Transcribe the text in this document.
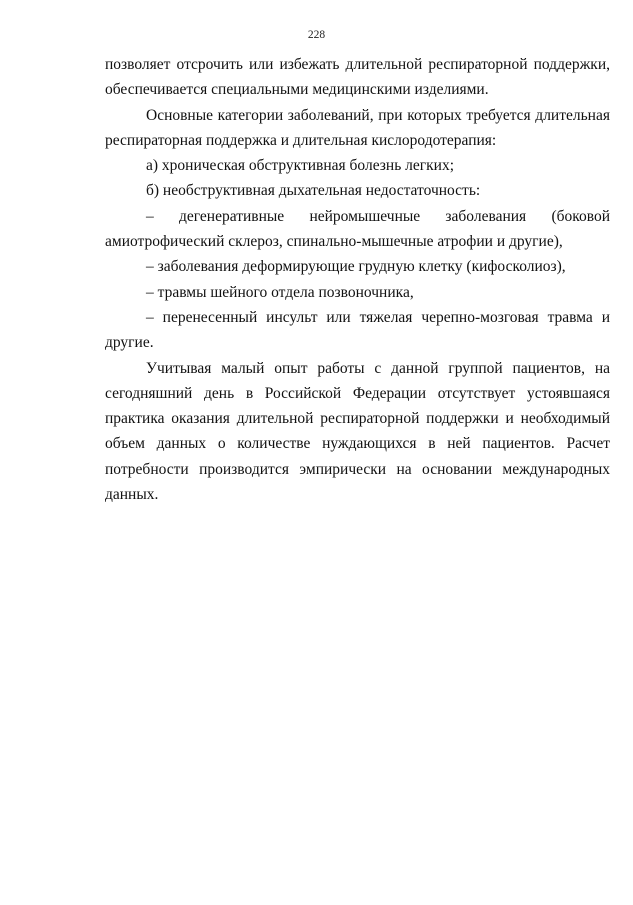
228

позволяет отсрочить или избежать длительной респираторной поддержки, обеспечивается специальными медицинскими изделиями.

Основные категории заболеваний, при которых требуется длительная респираторная поддержка и длительная кислородотерапия:

а) хроническая обструктивная болезнь легких;

б) необструктивная дыхательная недостаточность:

– дегенеративные нейромышечные заболевания (боковой амиотрофический склероз, спинально-мышечные атрофии и другие),

– заболевания деформирующие грудную клетку (кифосколиоз),

– травмы шейного отдела позвоночника,

– перенесенный инсульт или тяжелая черепно-мозговая травма и другие.

Учитывая малый опыт работы с данной группой пациентов, на сегодняшний день в Российской Федерации отсутствует устоявшаяся практика оказания длительной респираторной поддержки и необходимый объем данных о количестве нуждающихся в ней пациентов. Расчет потребности производится эмпирически на основании международных данных.
